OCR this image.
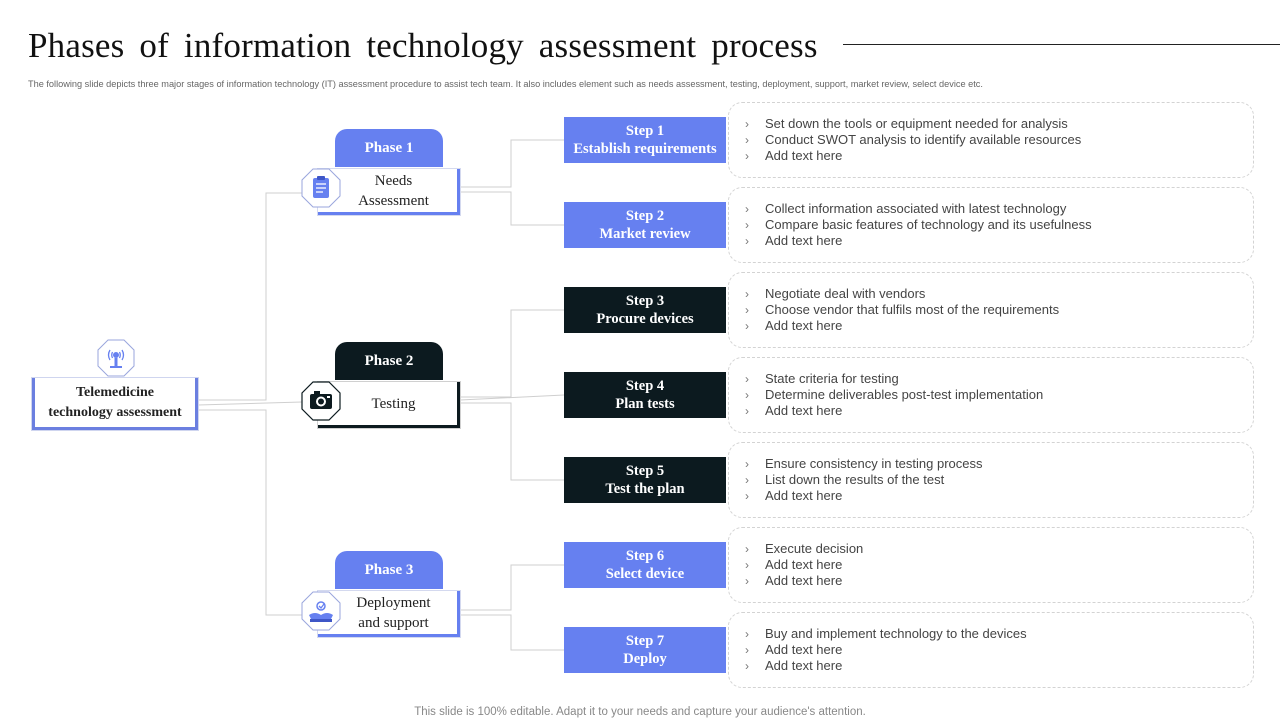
Phases of information technology assessment process
The following slide depicts three major stages of information technology (IT) assessment procedure to assist tech team. It also includes element such as needs assessment, testing, deployment, support, market review, select device etc.
Telemedicine
technology assessment
Phase 1
Needs
Assessment
Phase 2
Testing
Phase 3
Deployment
and support
Step 1
Establish requirements
Step 2
Market review
Step 3
Procure devices
Step 4
Plan tests
Step 5
Test the plan
Step 6
Select device
Step 7
Deploy
› Set down the tools or equipment needed for analysis
› Conduct SWOT analysis to identify available resources
› Add text here
› Collect information associated with latest technology
› Compare basic features of technology and its usefulness
› Add text here
› Negotiate deal with vendors
› Choose vendor that fulfils most of the requirements
› Add text here
› State criteria for testing
› Determine deliverables post-test implementation
› Add text here
› Ensure consistency in testing process
› List down the results of the test
› Add text here
› Execute decision
› Add text here
› Add text here
› Buy and implement technology to the devices
› Add text here
› Add text here
This slide is 100% editable. Adapt it to your needs and capture your audience's attention.
